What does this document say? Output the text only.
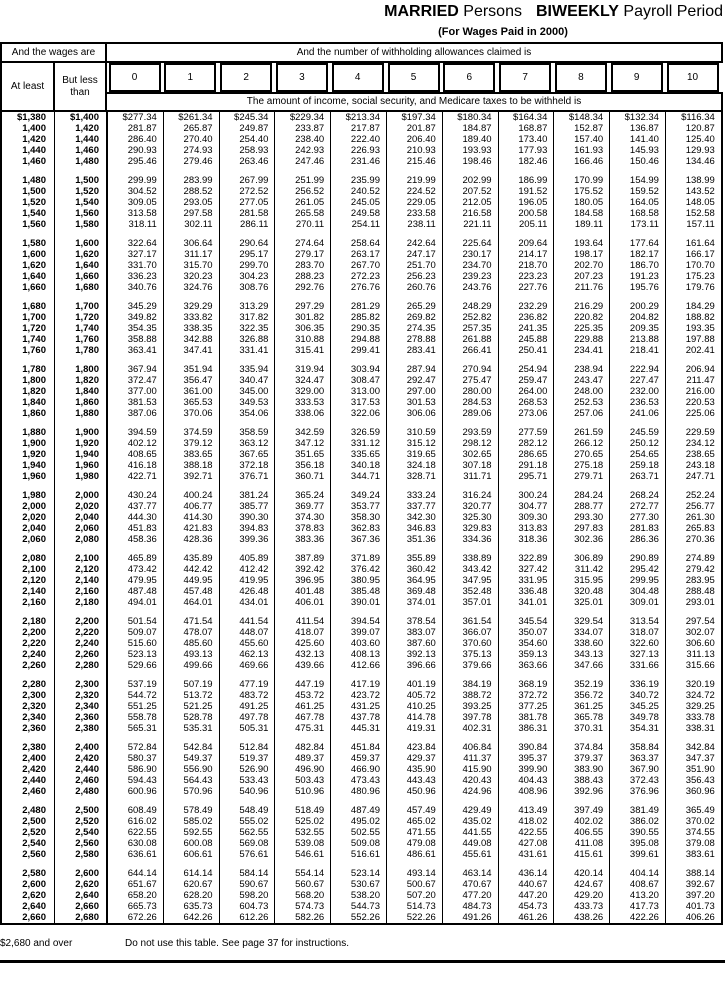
MARRIED Persons BIWEEKLY Payroll Period
(For Wages Paid in 2000)
And the wages are	And the number of withholding allowances claimed is
At least
But less than
0	1	2	3	4	5	6	7	8	9	10
The amount of income, social security, and Medicare taxes to be withheld is
$1,380	$1,400	$277.34	$261.34	$245.34	$229.34	$213.34	$197.34	$180.34	$164.34	$148.34	$132.34	$116.34
1,400	1,420	281.87	265.87	249.87	233.87	217.87	201.87	184.87	168.87	152.87	136.87	120.87
1,420	1,440	286.40	270.40	254.40	238.40	222.40	206.40	189.40	173.40	157.40	141.40	125.40
1,440	1,460	290.93	274.93	258.93	242.93	226.93	210.93	193.93	177.93	161.93	145.93	129.93
1,460	1,480	295.46	279.46	263.46	247.46	231.46	215.46	198.46	182.46	166.46	150.46	134.46
1,480	1,500	299.99	283.99	267.99	251.99	235.99	219.99	202.99	186.99	170.99	154.99	138.99
1,500	1,520	304.52	288.52	272.52	256.52	240.52	224.52	207.52	191.52	175.52	159.52	143.52
1,520	1,540	309.05	293.05	277.05	261.05	245.05	229.05	212.05	196.05	180.05	164.05	148.05
1,540	1,560	313.58	297.58	281.58	265.58	249.58	233.58	216.58	200.58	184.58	168.58	152.58
1,560	1,580	318.11	302.11	286.11	270.11	254.11	238.11	221.11	205.11	189.11	173.11	157.11
1,580	1,600	322.64	306.64	290.64	274.64	258.64	242.64	225.64	209.64	193.64	177.64	161.64
1,600	1,620	327.17	311.17	295.17	279.17	263.17	247.17	230.17	214.17	198.17	182.17	166.17
1,620	1,640	331.70	315.70	299.70	283.70	267.70	251.70	234.70	218.70	202.70	186.70	170.70
1,640	1,660	336.23	320.23	304.23	288.23	272.23	256.23	239.23	223.23	207.23	191.23	175.23
1,660	1,680	340.76	324.76	308.76	292.76	276.76	260.76	243.76	227.76	211.76	195.76	179.76
1,680	1,700	345.29	329.29	313.29	297.29	281.29	265.29	248.29	232.29	216.29	200.29	184.29
1,700	1,720	349.82	333.82	317.82	301.82	285.82	269.82	252.82	236.82	220.82	204.82	188.82
1,720	1,740	354.35	338.35	322.35	306.35	290.35	274.35	257.35	241.35	225.35	209.35	193.35
1,740	1,760	358.88	342.88	326.88	310.88	294.88	278.88	261.88	245.88	229.88	213.88	197.88
1,760	1,780	363.41	347.41	331.41	315.41	299.41	283.41	266.41	250.41	234.41	218.41	202.41
1,780	1,800	367.94	351.94	335.94	319.94	303.94	287.94	270.94	254.94	238.94	222.94	206.94
1,800	1,820	372.47	356.47	340.47	324.47	308.47	292.47	275.47	259.47	243.47	227.47	211.47
1,820	1,840	377.00	361.00	345.00	329.00	313.00	297.00	280.00	264.00	248.00	232.00	216.00
1,840	1,860	381.53	365.53	349.53	333.53	317.53	301.53	284.53	268.53	252.53	236.53	220.53
1,860	1,880	387.06	370.06	354.06	338.06	322.06	306.06	289.06	273.06	257.06	241.06	225.06
1,880	1,900	394.59	374.59	358.59	342.59	326.59	310.59	293.59	277.59	261.59	245.59	229.59
1,900	1,920	402.12	379.12	363.12	347.12	331.12	315.12	298.12	282.12	266.12	250.12	234.12
1,920	1,940	408.65	383.65	367.65	351.65	335.65	319.65	302.65	286.65	270.65	254.65	238.65
1,940	1,960	416.18	388.18	372.18	356.18	340.18	324.18	307.18	291.18	275.18	259.18	243.18
1,960	1,980	422.71	392.71	376.71	360.71	344.71	328.71	311.71	295.71	279.71	263.71	247.71
1,980	2,000	430.24	400.24	381.24	365.24	349.24	333.24	316.24	300.24	284.24	268.24	252.24
2,000	2,020	437.77	406.77	385.77	369.77	353.77	337.77	320.77	304.77	288.77	272.77	256.77
2,020	2,040	444.30	414.30	390.30	374.30	358.30	342.30	325.30	309.30	293.30	277.30	261.30
2,040	2,060	451.83	421.83	394.83	378.83	362.83	346.83	329.83	313.83	297.83	281.83	265.83
2,060	2,080	458.36	428.36	399.36	383.36	367.36	351.36	334.36	318.36	302.36	286.36	270.36
2,080	2,100	465.89	435.89	405.89	387.89	371.89	355.89	338.89	322.89	306.89	290.89	274.89
2,100	2,120	473.42	442.42	412.42	392.42	376.42	360.42	343.42	327.42	311.42	295.42	279.42
2,120	2,140	479.95	449.95	419.95	396.95	380.95	364.95	347.95	331.95	315.95	299.95	283.95
2,140	2,160	487.48	457.48	426.48	401.48	385.48	369.48	352.48	336.48	320.48	304.48	288.48
2,160	2,180	494.01	464.01	434.01	406.01	390.01	374.01	357.01	341.01	325.01	309.01	293.01
2,180	2,200	501.54	471.54	441.54	411.54	394.54	378.54	361.54	345.54	329.54	313.54	297.54
2,200	2,220	509.07	478.07	448.07	418.07	399.07	383.07	366.07	350.07	334.07	318.07	302.07
2,220	2,240	515.60	485.60	455.60	425.60	403.60	387.60	370.60	354.60	338.60	322.60	306.60
2,240	2,260	523.13	493.13	462.13	432.13	408.13	392.13	375.13	359.13	343.13	327.13	311.13
2,260	2,280	529.66	499.66	469.66	439.66	412.66	396.66	379.66	363.66	347.66	331.66	315.66
2,280	2,300	537.19	507.19	477.19	447.19	417.19	401.19	384.19	368.19	352.19	336.19	320.19
2,300	2,320	544.72	513.72	483.72	453.72	423.72	405.72	388.72	372.72	356.72	340.72	324.72
2,320	2,340	551.25	521.25	491.25	461.25	431.25	410.25	393.25	377.25	361.25	345.25	329.25
2,340	2,360	558.78	528.78	497.78	467.78	437.78	414.78	397.78	381.78	365.78	349.78	333.78
2,360	2,380	565.31	535.31	505.31	475.31	445.31	419.31	402.31	386.31	370.31	354.31	338.31
2,380	2,400	572.84	542.84	512.84	482.84	451.84	423.84	406.84	390.84	374.84	358.84	342.84
2,400	2,420	580.37	549.37	519.37	489.37	459.37	429.37	411.37	395.37	379.37	363.37	347.37
2,420	2,440	586.90	556.90	526.90	496.90	466.90	435.90	415.90	399.90	383.90	367.90	351.90
2,440	2,460	594.43	564.43	533.43	503.43	473.43	443.43	420.43	404.43	388.43	372.43	356.43
2,460	2,480	600.96	570.96	540.96	510.96	480.96	450.96	424.96	408.96	392.96	376.96	360.96
2,480	2,500	608.49	578.49	548.49	518.49	487.49	457.49	429.49	413.49	397.49	381.49	365.49
2,500	2,520	616.02	585.02	555.02	525.02	495.02	465.02	435.02	418.02	402.02	386.02	370.02
2,520	2,540	622.55	592.55	562.55	532.55	502.55	471.55	441.55	422.55	406.55	390.55	374.55
2,540	2,560	630.08	600.08	569.08	539.08	509.08	479.08	449.08	427.08	411.08	395.08	379.08
2,560	2,580	636.61	606.61	576.61	546.61	516.61	486.61	455.61	431.61	415.61	399.61	383.61
2,580	2,600	644.14	614.14	584.14	554.14	523.14	493.14	463.14	436.14	420.14	404.14	388.14
2,600	2,620	651.67	620.67	590.67	560.67	530.67	500.67	470.67	440.67	424.67	408.67	392.67
2,620	2,640	658.20	628.20	598.20	568.20	538.20	507.20	477.20	447.20	429.20	413.20	397.20
2,640	2,660	665.73	635.73	604.73	574.73	544.73	514.73	484.73	454.73	433.73	417.73	401.73
2,660	2,680	672.26	642.26	612.26	582.26	552.26	522.26	491.26	461.26	438.26	422.26	406.26
$2,680 and over	Do not use this table. See page 37 for instructions.
